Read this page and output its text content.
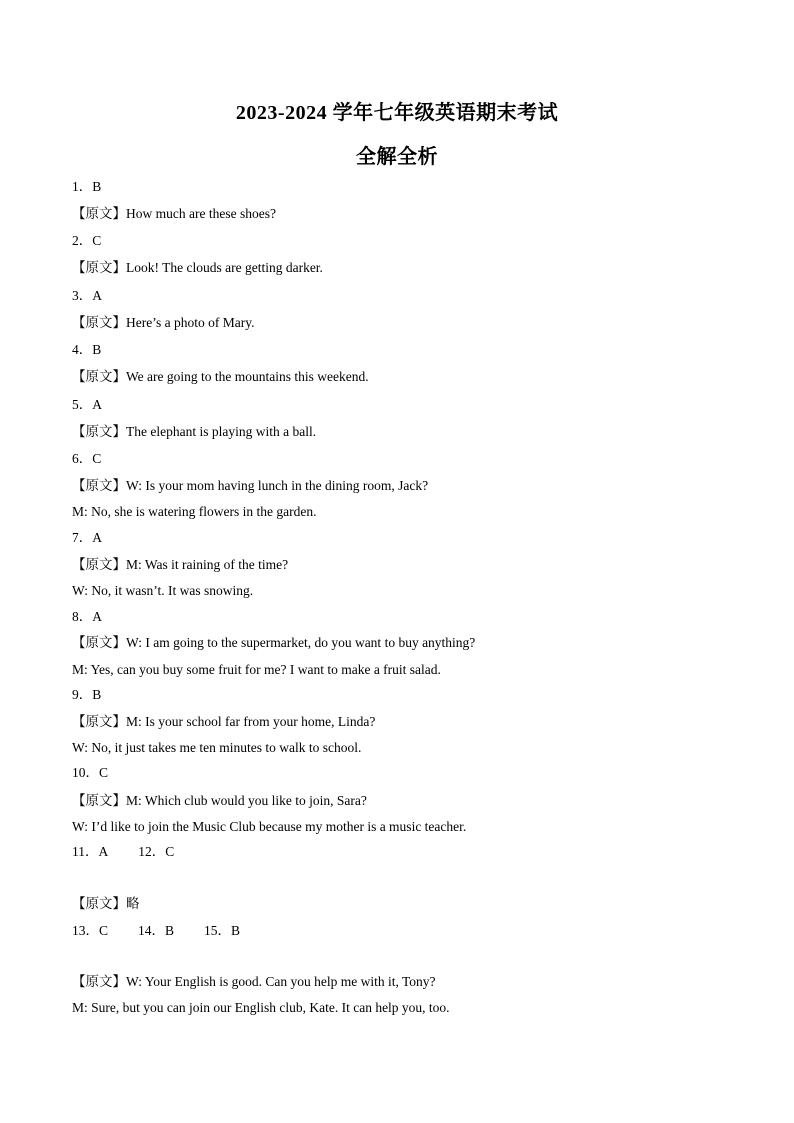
2023-2024 学年七年级英语期末考试
全解全析
1．B
【原文】How much are these shoes?
2．C
【原文】Look! The clouds are getting darker.
3．A
【原文】Here’s a photo of Mary.
4．B
【原文】We are going to the mountains this weekend.
5．A
【原文】The elephant is playing with a ball.
6．C
【原文】W: Is your mom having lunch in the dining room, Jack?
M: No, she is watering flowers in the garden.
7．A
【原文】M: Was it raining of the time?
W: No, it wasn’t. It was snowing.
8．A
【原文】W: I am going to the supermarket, do you want to buy anything?
M: Yes, can you buy some fruit for me? I want to make a fruit salad.
9．B
【原文】M: Is your school far from your home, Linda?
W: No, it just takes me ten minutes to walk to school.
10．C
【原文】M: Which club would you like to join, Sara?
W: I’d like to join the Music Club because my mother is a music teacher.
11．A 12．C
【原文】略
13．C 14．B 15．B
【原文】W: Your English is good. Can you help me with it, Tony?
M: Sure, but you can join our English club, Kate. It can help you, too.
